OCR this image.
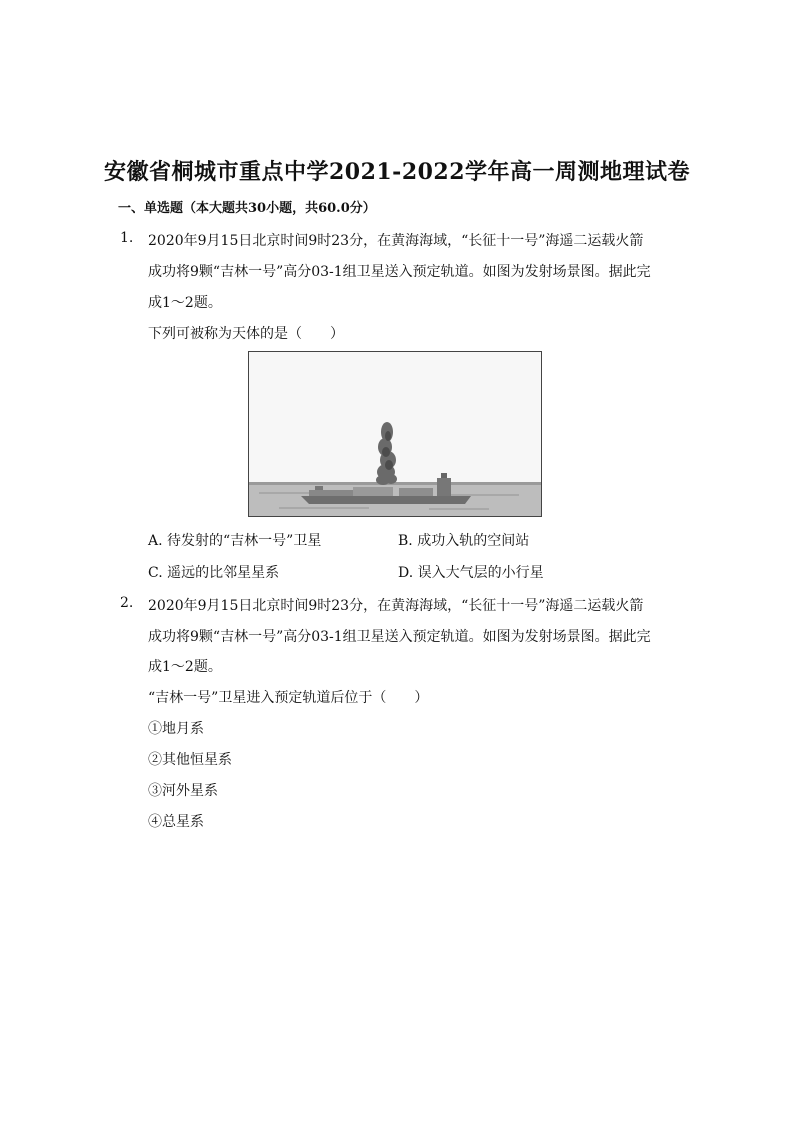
安徽省桐城市重点中学2021-2022学年高一周测地理试卷
一、单选题（本大题共30小题，共60.0分）
1. 2020年9月15日北京时间9时23分，在黄海海域，“长征十一号”海遥二运载火箭
成功将9颗“吉林一号”高分03-1组卫星送入预定轨道。如图为发射场景图。据此完
成1～2题。
下列可被称为天体的是（　　）
A. 待发射的“吉林一号”卫星	B. 成功入轨的空间站
C. 遥远的比邻星星系	D. 误入大气层的小行星
2. 2020年9月15日北京时间9时23分，在黄海海域，“长征十一号”海遥二运载火箭
成功将9颗“吉林一号”高分03-1组卫星送入预定轨道。如图为发射场景图。据此完
成1～2题。
“吉林一号”卫星进入预定轨道后位于（　　）
①地月系
②其他恒星系
③河外星系
④总星系
